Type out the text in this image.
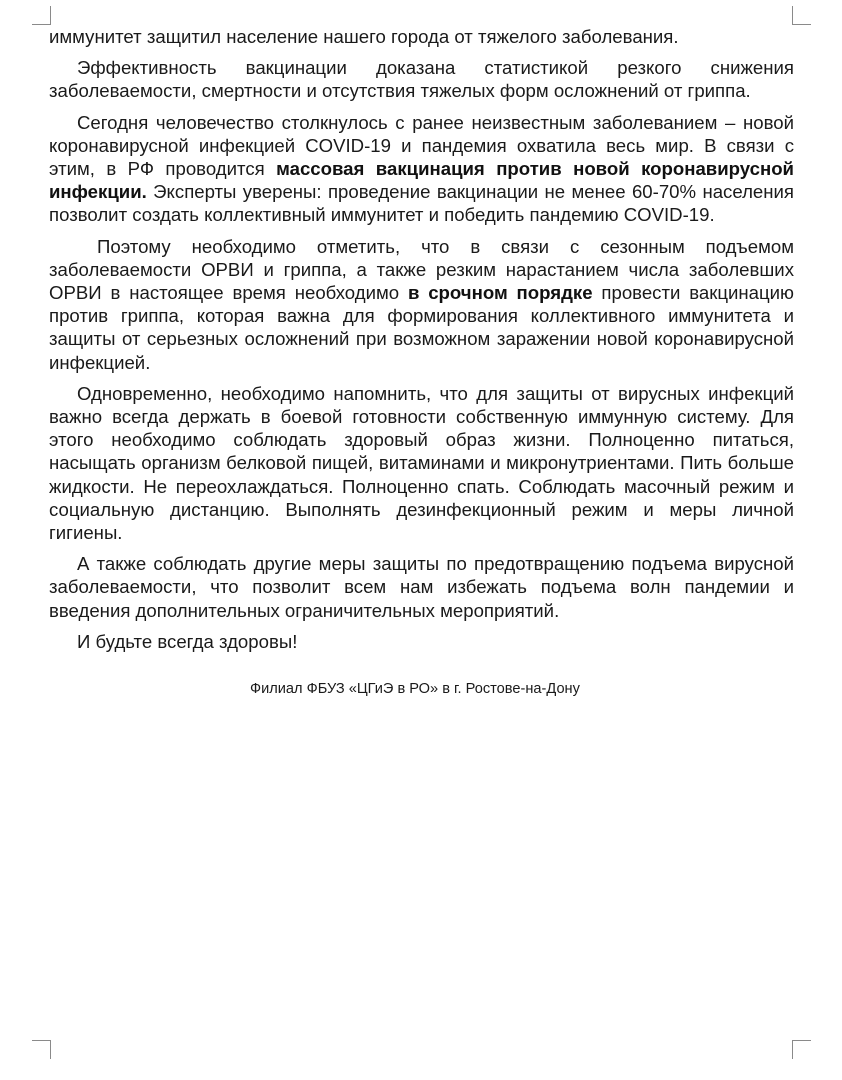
иммунитет защитил население нашего города от тяжелого заболевания.

Эффективность вакцинации доказана статистикой резкого снижения заболеваемости, смертности и отсутствия тяжелых форм осложнений от гриппа.

Сегодня человечество столкнулось с ранее неизвестным заболеванием – новой коронавирусной инфекцией COVID-19 и пандемия охватила весь мир. В связи с этим, в РФ проводится массовая вакцинация против новой коронавирусной инфекции. Эксперты уверены: проведение вакцинации не менее 60-70% населения позволит создать коллективный иммунитет и победить пандемию COVID-19.

Поэтому необходимо отметить, что в связи с сезонным подъемом заболеваемости ОРВИ и гриппа, а также резким нарастанием числа заболевших ОРВИ в настоящее время необходимо в срочном порядке провести вакцинацию против гриппа, которая важна для формирования коллективного иммунитета и защиты от серьезных осложнений при возможном заражении новой коронавирусной инфекцией.

Одновременно, необходимо напомнить, что для защиты от вирусных инфекций важно всегда держать в боевой готовности собственную иммунную систему. Для этого необходимо соблюдать здоровый образ жизни. Полноценно питаться, насыщать организм белковой пищей, витаминами и микронутриентами. Пить больше жидкости. Не переохлаждаться. Полноценно спать. Соблюдать масочный режим и социальную дистанцию. Выполнять дезинфекционный режим и меры личной гигиены.

А также соблюдать другие меры защиты по предотвращению подъема вирусной заболеваемости, что позволит всем нам избежать подъема волн пандемии и введения дополнительных ограничительных мероприятий.

И будьте всегда здоровы!

Филиал ФБУЗ «ЦГиЭ в РО» в г. Ростове-на-Дону
